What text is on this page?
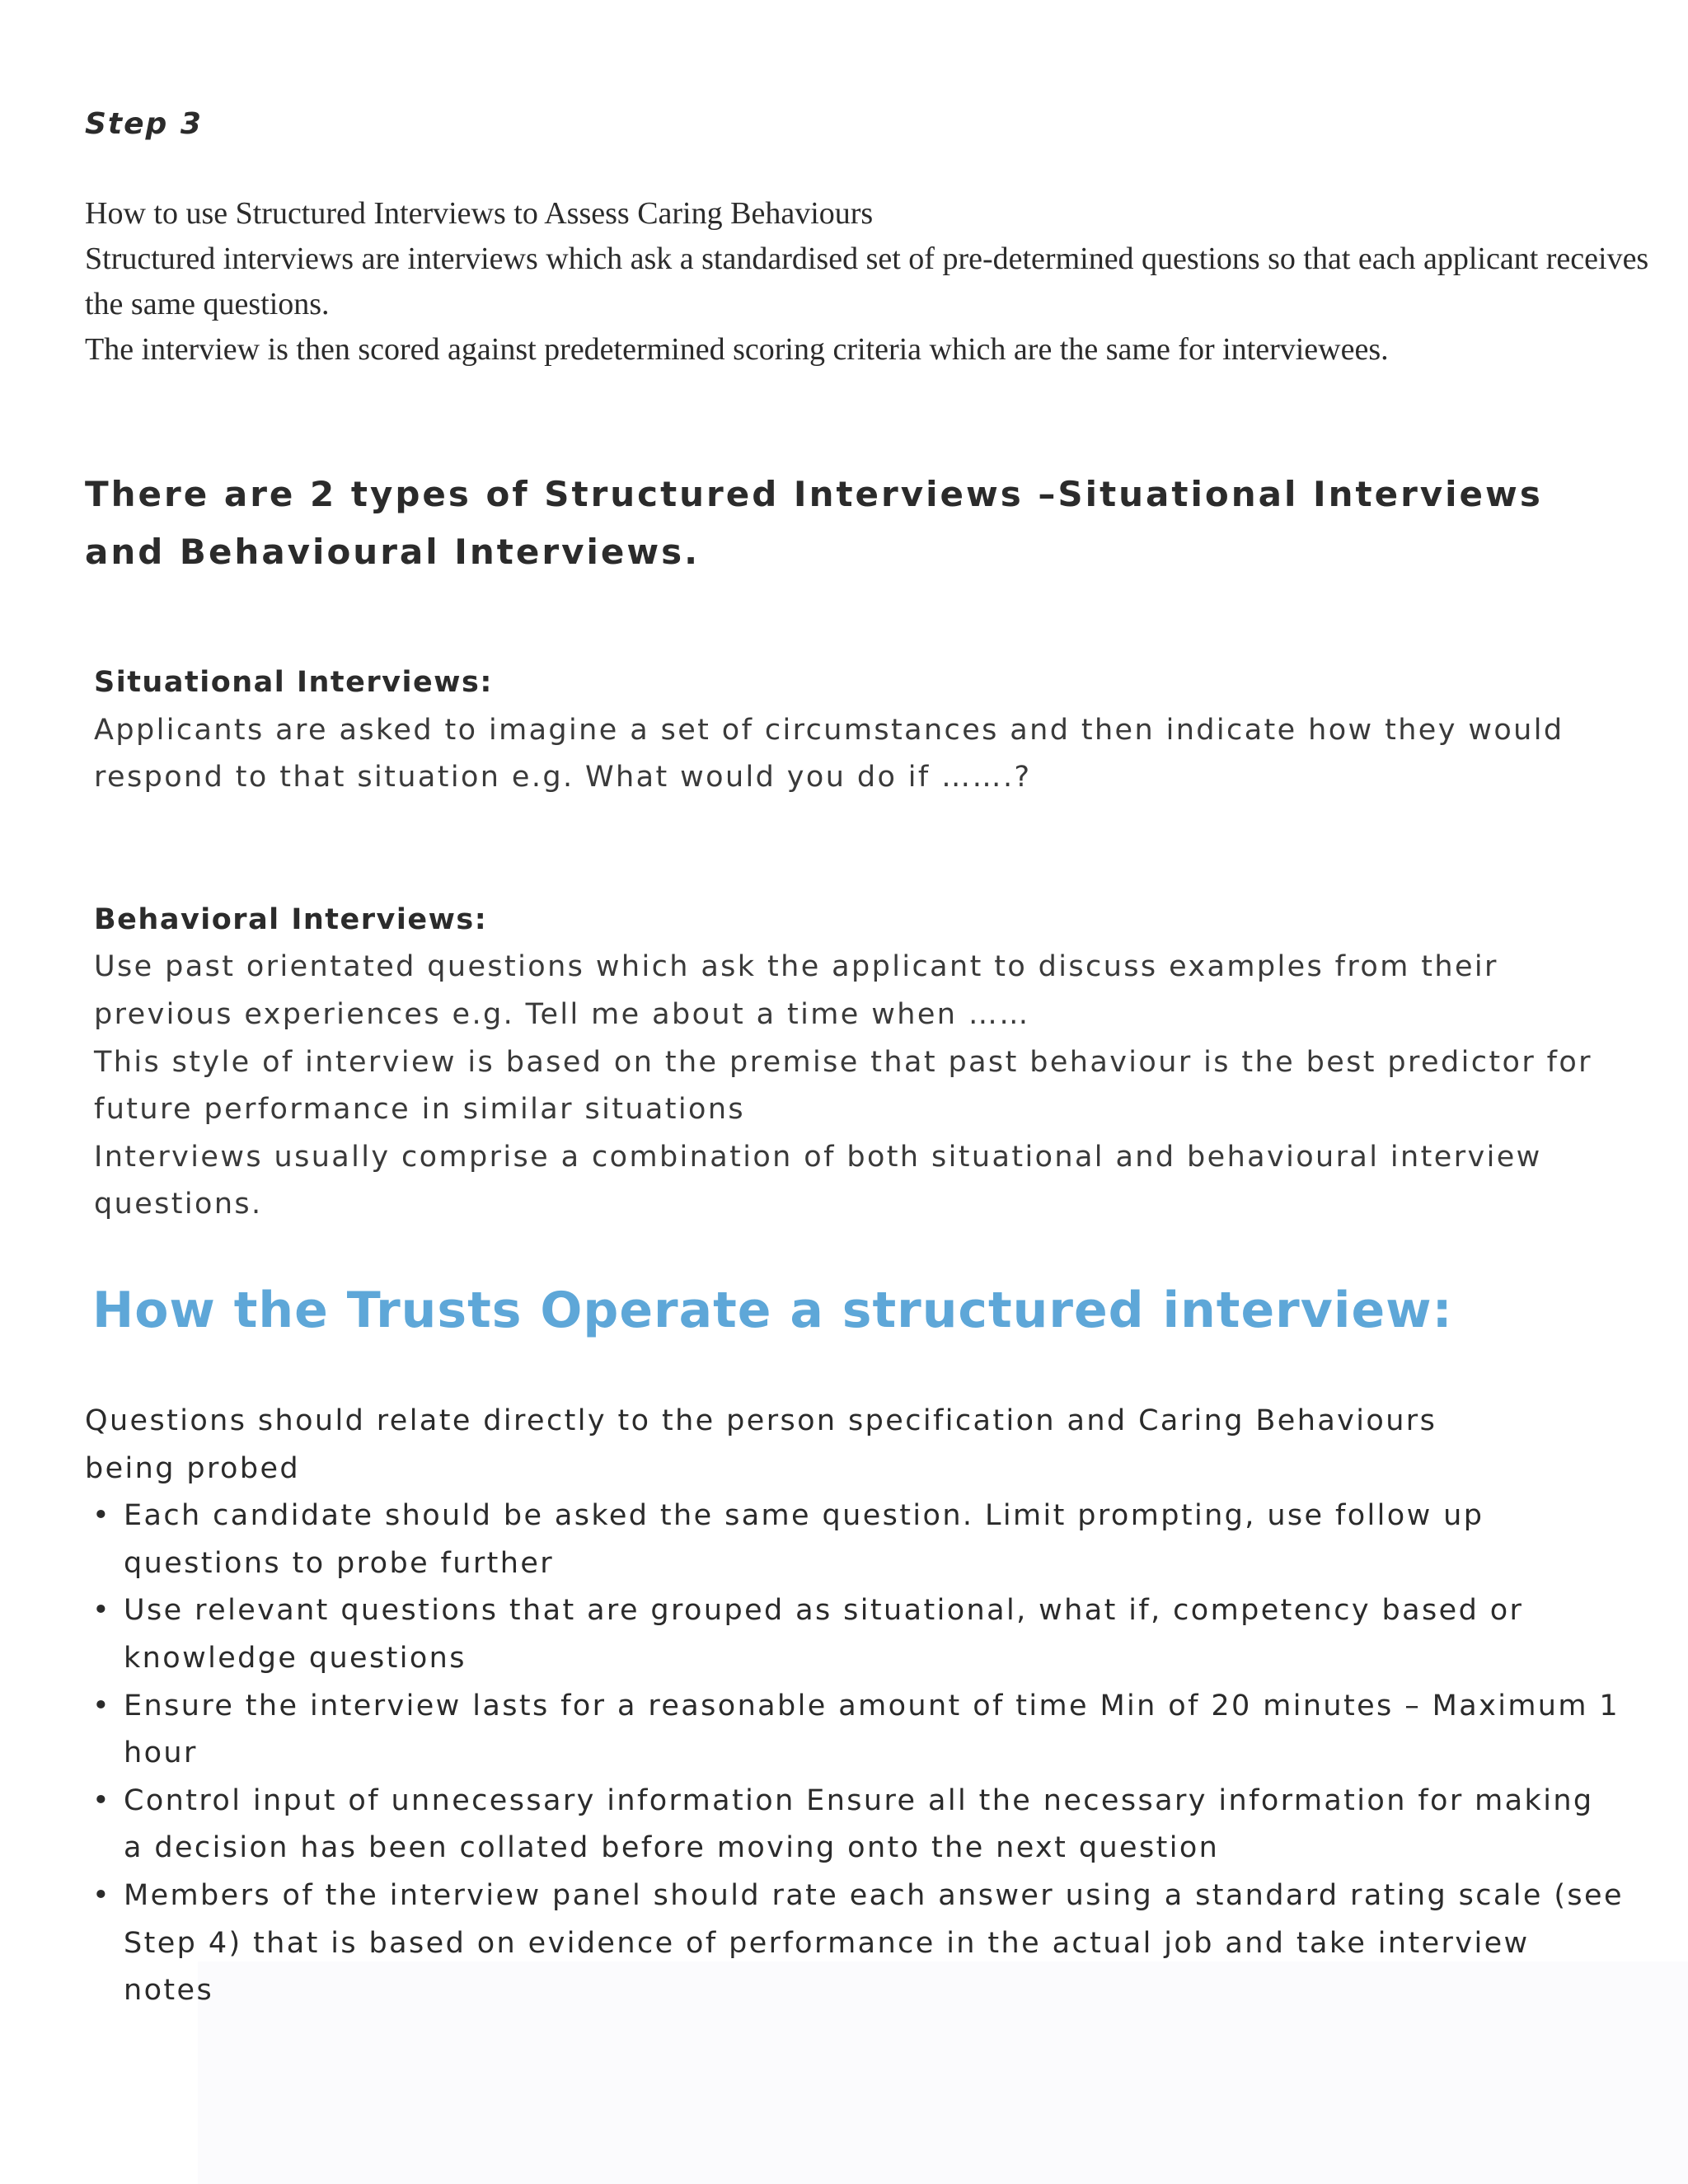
Step 3

How to use Structured Interviews to Assess Caring Behaviours

Structured interviews are interviews which ask a standardised set of pre-determined questions so that each applicant receives the same questions.

The interview is then scored against predetermined scoring criteria which are the same for interviewees.

There are 2 types of Structured Interviews –Situational Interviews and Behavioural Interviews.

Situational Interviews:

Applicants are asked to imagine a set of circumstances and then indicate how they would respond to that situation e.g. What would you do if …….?

Behavioral Interviews:

Use past orientated questions which ask the applicant to discuss examples from their previous experiences e.g. Tell me about a time when ……

This style of interview is based on the premise that past behaviour is the best predictor for future performance in similar situations

Interviews usually comprise a combination of both situational and behavioural interview questions.

How the Trusts Operate a structured interview:

Questions should relate directly to the person specification and Caring Behaviours being probed

• Each candidate should be asked the same question. Limit prompting, use follow up questions to probe further
• Use relevant questions that are grouped as situational, what if, competency based or knowledge questions
• Ensure the interview lasts for a reasonable amount of time Min of 20 minutes – Maximum 1 hour
• Control input of unnecessary information Ensure all the necessary information for making a decision has been collated before moving onto the next question
• Members of the interview panel should rate each answer using a standard rating scale (see Step 4) that is based on evidence of performance in the actual job and take interview notes
